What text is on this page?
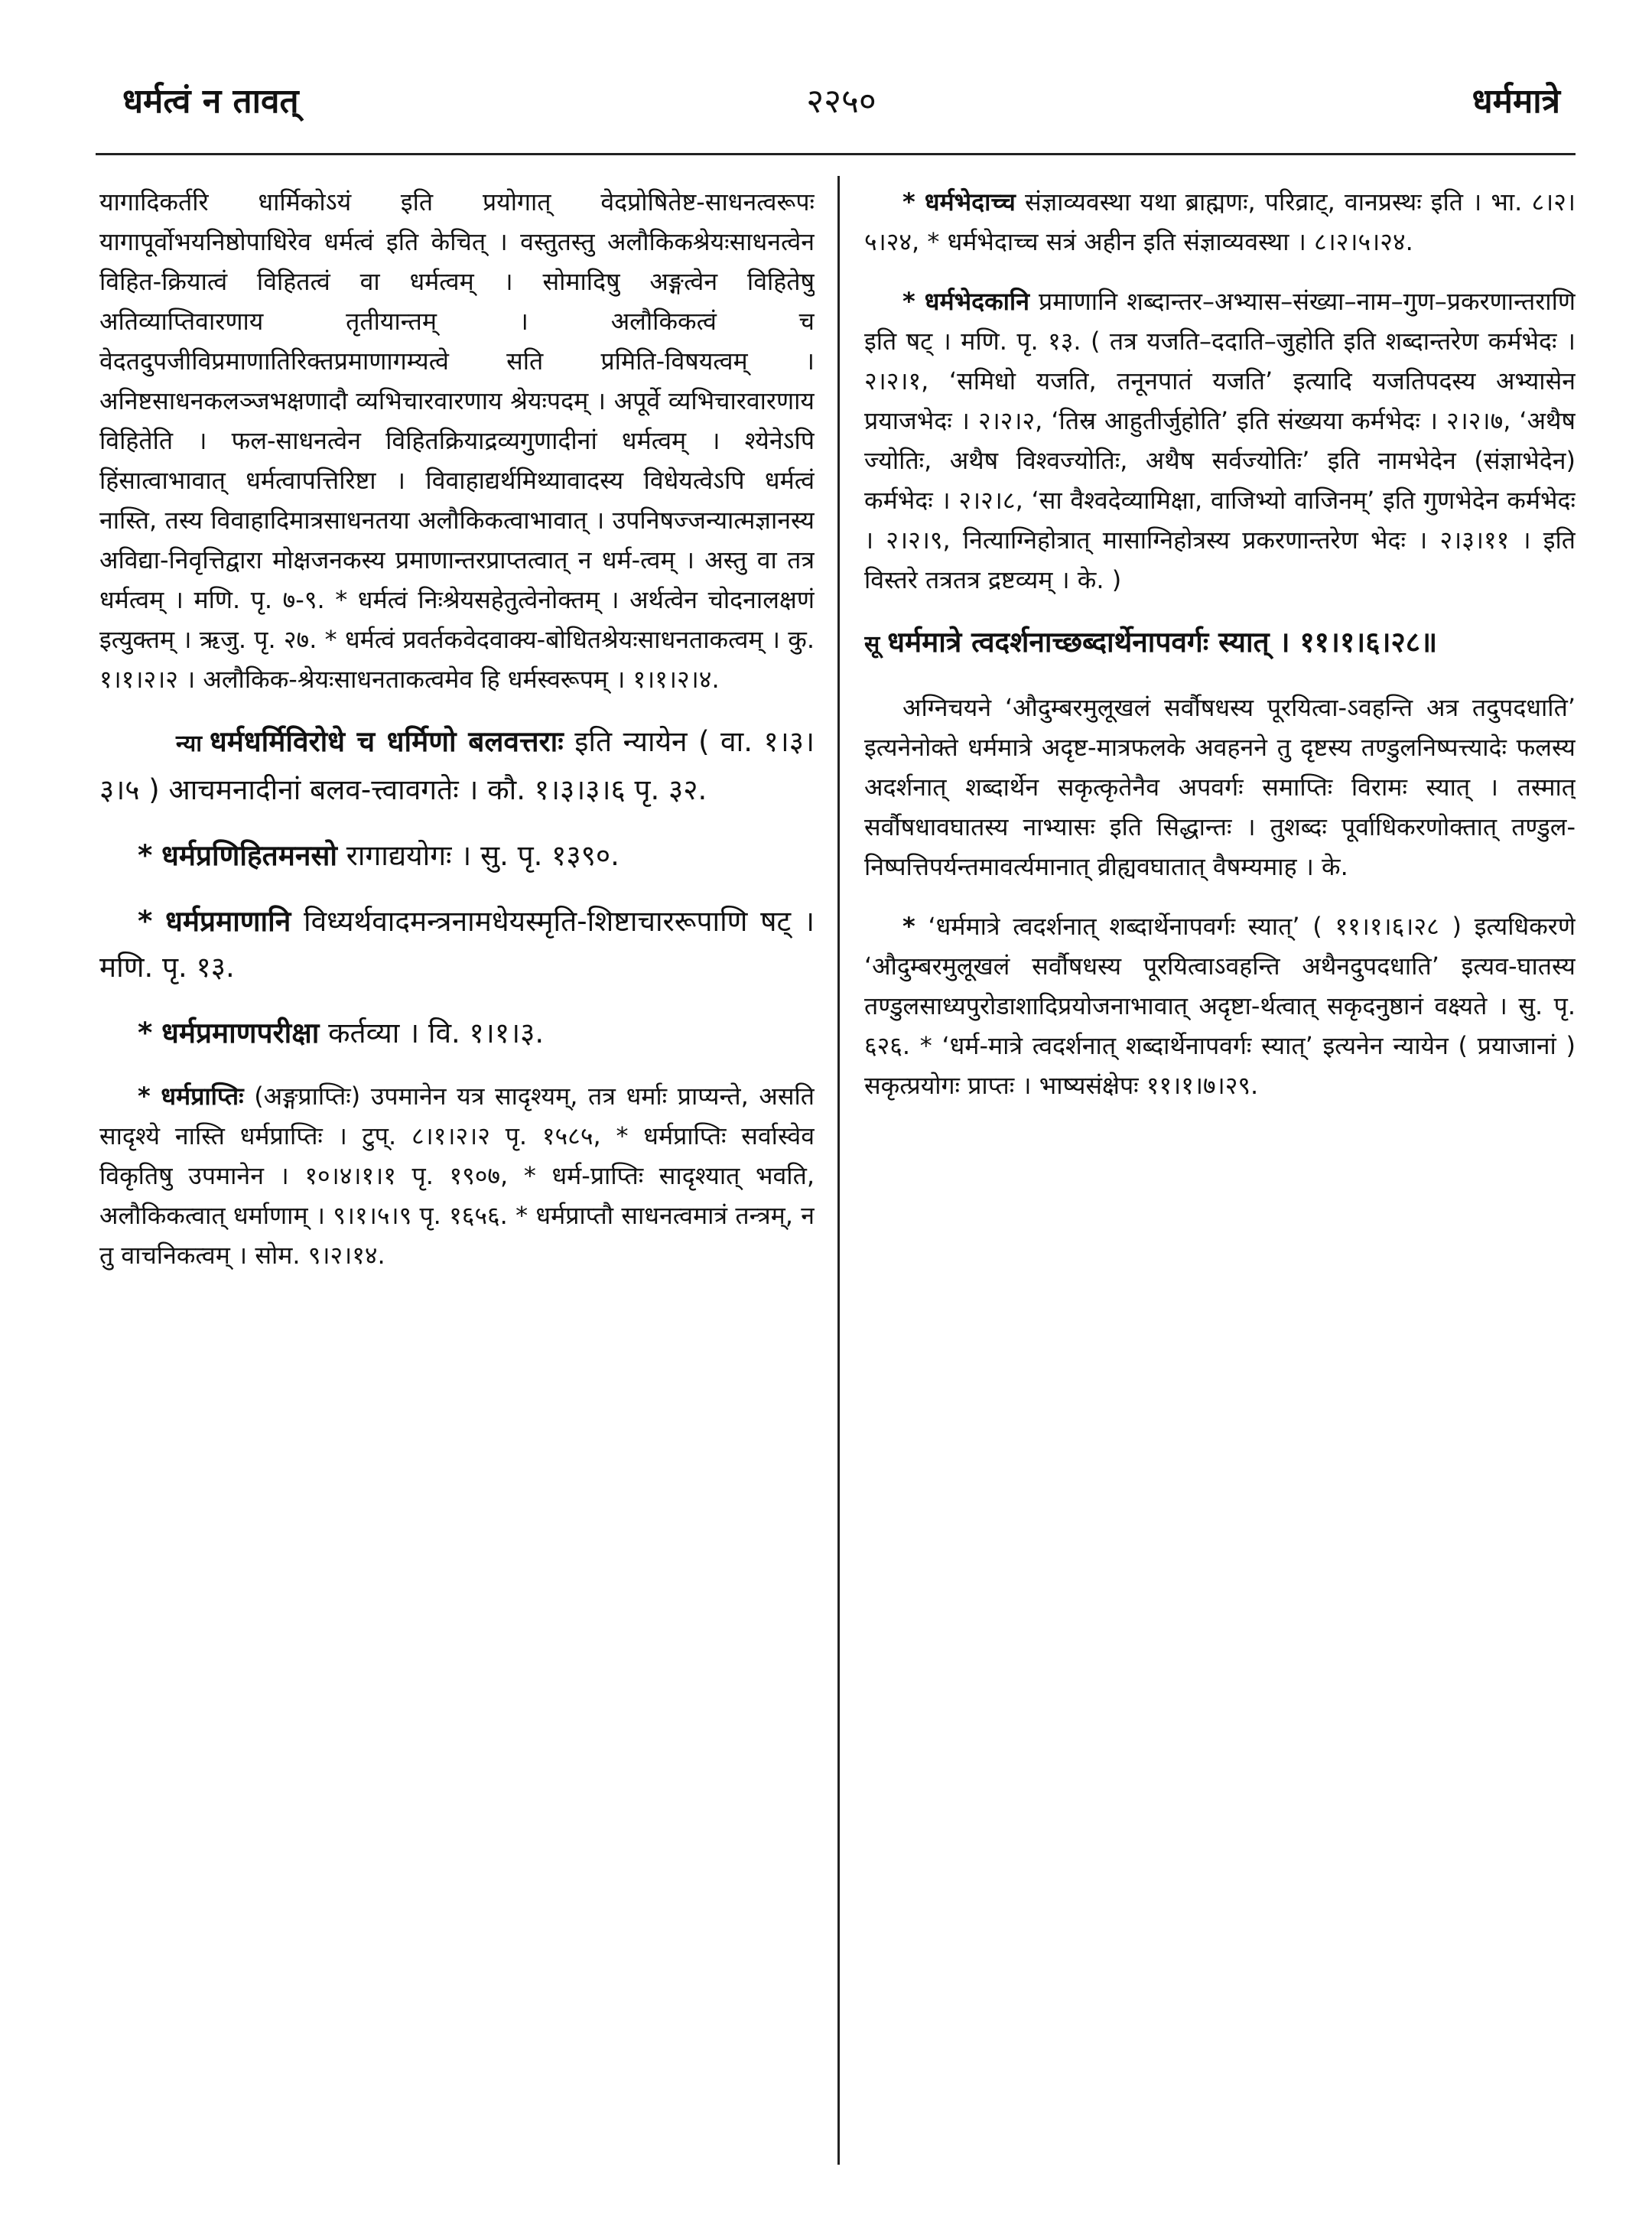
धर्मत्वं न तावत्	२२५०	धर्ममात्रे

यागादिकर्तरि धार्मिकोऽयं इति प्रयोगात् वेदप्रोषितेष्ट-साधनत्वरूपः यागापूर्वोभयनिष्ठोपाधिरेव धर्मत्वं इति केचित् । वस्तुतस्तु अलौकिकश्रेयःसाधनत्वेन विहित-क्रियात्वं विहितत्वं वा धर्मत्वम् । सोमादिषु अङ्गत्वेन विहितेषु अतिव्याप्तिवारणाय तृतीयान्तम् । अलौकिकत्वं च वेदतदुपजीविप्रमाणातिरिक्तप्रमाणागम्यत्वे सति प्रमिति-विषयत्वम् । अनिष्टसाधनकलञ्जभक्षणादौ व्यभिचारवारणाय श्रेयःपदम् । अपूर्वे व्यभिचारवारणाय विहितेति । फल-साधनत्वेन विहितक्रियाद्रव्यगुणादीनां धर्मत्वम् । श्येनेऽपि हिंसात्वाभावात् धर्मत्वापत्तिरिष्टा । विवाहाद्यर्थमिथ्यावादस्य विधेयत्वेऽपि धर्मत्वं नास्ति, तस्य विवाहादिमात्रसाधनतया अलौकिकत्वाभावात् । उपनिषज्जन्यात्मज्ञानस्य अविद्या-निवृत्तिद्वारा मोक्षजनकस्य प्रमाणान्तरप्राप्तत्वात् न धर्म-त्वम् । अस्तु वा तत्र धर्मत्वम् । मणि. पृ. ७-९. * धर्मत्वं निःश्रेयसहेतुत्वेनोक्तम् । अर्थत्वेन चोदनालक्षणं इत्युक्तम् । ऋजु. पृ. २७. * धर्मत्वं प्रवर्तकवेदवाक्य-बोधितश्रेयःसाधनताकत्वम् । कु. १।१।२।२ । अलौकिक-श्रेयःसाधनताकत्वमेव हि धर्मस्वरूपम् । १।१।२।४.

न्या धर्मधर्मिविरोधे च धर्मिणो बलवत्तराः इति न्यायेन ( वा. १।३।३।५ ) आचमनादीनां बलव-त्त्वावगतेः । कौ. १।३।३।६ पृ. ३२.

* धर्मप्रणिहितमनसो रागाद्ययोगः । सु. पृ. १३९०.

* धर्मप्रमाणानि विध्यर्थवादमन्त्रनामधेयस्मृति-शिष्टाचाररूपाणि षट् । मणि. पृ. १३.

* धर्मप्रमाणपरीक्षा कर्तव्या । वि. १।१।३.

* धर्मप्राप्तिः (अङ्गप्राप्तिः) उपमानेन यत्र सादृश्यम्, तत्र धर्माः प्राप्यन्ते, असति सादृश्ये नास्ति धर्मप्राप्तिः । टुप्. ८।१।२।२ पृ. १५८५, * धर्मप्राप्तिः सर्वास्वेव विकृतिषु उपमानेन । १०।४।१।१ पृ. १९०७, * धर्म-प्राप्तिः सादृश्यात् भवति, अलौकिकत्वात् धर्माणाम् । ९।१।५।९ पृ. १६५६. * धर्मप्राप्तौ साधनत्वमात्रं तन्त्रम्, न तु वाचनिकत्वम् । सोम. ९।२।१४.

* धर्मभेदाच्च संज्ञाव्यवस्था यथा ब्राह्मणः, परिव्राट्, वानप्रस्थः इति । भा. ८।२।५।२४, * धर्मभेदाच्च सत्रं अहीन इति संज्ञाव्यवस्था । ८।२।५।२४.

* धर्मभेदकानि प्रमाणानि शब्दान्तर–अभ्यास–संख्या–नाम–गुण–प्रकरणान्तराणि इति षट् । मणि. पृ. १३. ( तत्र यजति–ददाति–जुहोति इति शब्दान्तरेण कर्मभेदः । २।२।१, ‘समिधो यजति, तनूनपातं यजति’ इत्यादि यजतिपदस्य अभ्यासेन प्रयाजभेदः । २।२।२, ‘तिस्र आहुतीर्जुहोति’ इति संख्यया कर्मभेदः । २।२।७, ‘अथैष ज्योतिः, अथैष विश्वज्योतिः, अथैष सर्वज्योतिः’ इति नामभेदेन (संज्ञाभेदेन) कर्मभेदः । २।२।८, ‘सा वैश्वदेव्यामिक्षा, वाजिभ्यो वाजिनम्’ इति गुणभेदेन कर्मभेदः । २।२।९, नित्याग्निहोत्रात् मासाग्निहोत्रस्य प्रकरणान्तरेण भेदः । २।३।११ । इति विस्तरे तत्रतत्र द्रष्टव्यम् । के. )

सू धर्ममात्रे त्वदर्शनाच्छब्दार्थेनापवर्गः स्यात् । ११।१।६।२८॥

अग्निचयने ‘औदुम्बरमुलूखलं सर्वौषधस्य पूरयित्वा-ऽवहन्ति अत्र तदुपदधाति’ इत्यनेनोक्ते धर्ममात्रे अदृष्ट-मात्रफलके अवहनने तु दृष्टस्य तण्डुलनिष्पत्त्यादेः फलस्य अदर्शनात् शब्दार्थेन सकृत्कृतेनैव अपवर्गः समाप्तिः विरामः स्यात् । तस्मात् सर्वौषधावघातस्य नाभ्यासः इति सिद्धान्तः । तुशब्दः पूर्वाधिकरणोक्तात् तण्डुल-निष्पत्तिपर्यन्तमावर्त्यमानात् व्रीह्यवघातात् वैषम्यमाह । के.

* ‘धर्ममात्रे त्वदर्शनात् शब्दार्थेनापवर्गः स्यात्’ ( ११।१।६।२८ ) इत्यधिकरणे ‘औदुम्बरमुलूखलं सर्वौषधस्य पूरयित्वाऽवहन्ति अथैनदुपदधाति’ इत्यव-घातस्य तण्डुलसाध्यपुरोडाशादिप्रयोजनाभावात् अदृष्टा-र्थत्वात् सकृदनुष्ठानं वक्ष्यते । सु. पृ. ६२६. * ‘धर्म-मात्रे त्वदर्शनात् शब्दार्थेनापवर्गः स्यात्’ इत्यनेन न्यायेन ( प्रयाजानां ) सकृत्प्रयोगः प्राप्तः । भाष्यसंक्षेपः ११।१।७।२९.
